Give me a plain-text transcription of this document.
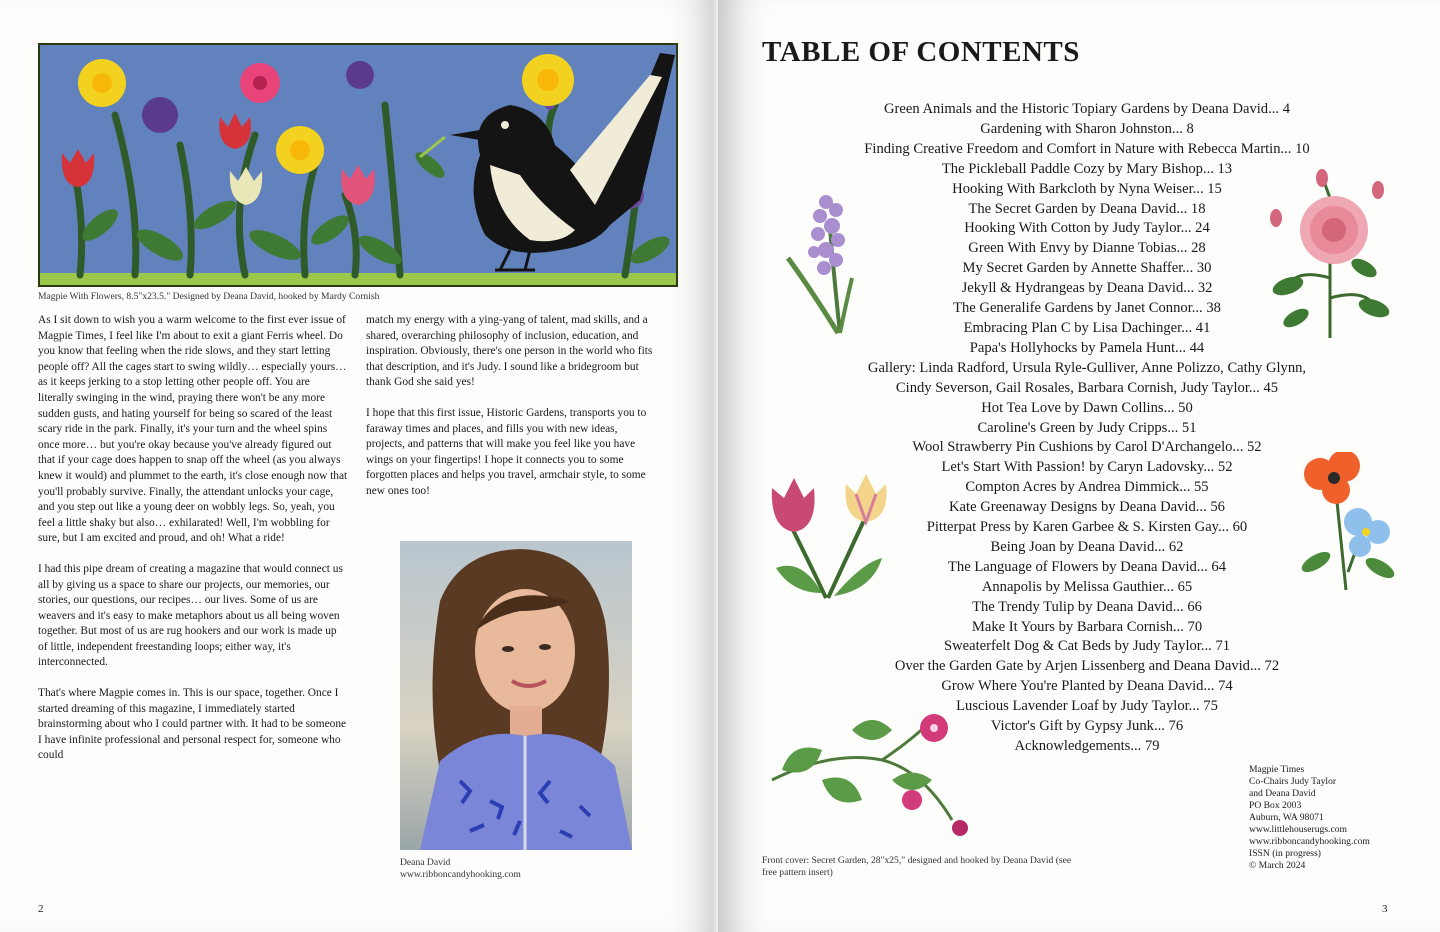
Magpie With Flowers, 8.5"x23.5." Designed by Deana David, hooked by Mardy Cornish

As I sit down to wish you a warm welcome to the first ever issue of Magpie Times, I feel like I'm about to exit a giant Ferris wheel. Do you know that feeling when the ride slows, and they start letting people off? All the cages start to swing wildly… especially yours… as it keeps jerking to a stop letting other people off. You are literally swinging in the wind, praying there won't be any more sudden gusts, and hating yourself for being so scared of the least scary ride in the park. Finally, it's your turn and the wheel spins once more… but you're okay because you've already figured out that if your cage does happen to snap off the wheel (as you always knew it would) and plummet to the earth, it's close enough now that you'll probably survive. Finally, the attendant unlocks your cage, and you step out like a young deer on wobbly legs. So, yeah, you feel a little shaky but also… exhilarated! Well, I'm wobbling for sure, but I am excited and proud, and oh! What a ride!

I had this pipe dream of creating a magazine that would connect us all by giving us a space to share our projects, our memories, our stories, our questions, our recipes… our lives. Some of us are weavers and it's easy to make metaphors about us all being woven together. But most of us are rug hookers and our work is made up of little, independent freestanding loops; either way, it's interconnected.

That's where Magpie comes in. This is our space, together. Once I started dreaming of this magazine, I immediately started brainstorming about who I could partner with. It had to be someone I have infinite professional and personal respect for, someone who could

match my energy with a ying-yang of talent, mad skills, and a shared, overarching philosophy of inclusion, education, and inspiration. Obviously, there's one person in the world who fits that description, and it's Judy. I sound like a bridegroom but thank God she said yes!

I hope that this first issue, Historic Gardens, transports you to faraway times and places, and fills you with new ideas, projects, and patterns that will make you feel like you have wings on your fingertips! I hope it connects you to some forgotten places and helps you travel, armchair style, to some new ones too!

Deana David
www.ribboncandyhooking.com
2
TABLE OF CONTENTS
Green Animals and the Historic Topiary Gardens by Deana David... 4
Gardening with Sharon Johnston... 8
Finding Creative Freedom and Comfort in Nature with Rebecca Martin... 10
The Pickleball Paddle Cozy by Mary Bishop... 13
Hooking With Barkcloth by Nyna Weiser... 15
The Secret Garden by Deana David... 18
Hooking With Cotton by Judy Taylor... 24
Green With Envy by Dianne Tobias... 28
My Secret Garden by Annette Shaffer... 30
Jekyll & Hydrangeas by Deana David... 32
The Generalife Gardens by Janet Connor... 38
Embracing Plan C by Lisa Dachinger... 41
Papa's Hollyhocks by Pamela Hunt... 44
Gallery: Linda Radford, Ursula Ryle-Gulliver, Anne Polizzo, Cathy Glynn,
Cindy Severson, Gail Rosales, Barbara Cornish, Judy Taylor... 45
Hot Tea Love by Dawn Collins... 50
Caroline's Green by Judy Cripps... 51
Wool Strawberry Pin Cushions by Carol D'Archangelo... 52
Let's Start With Passion! by Caryn Ladovsky... 52
Compton Acres by Andrea Dimmick... 55
Kate Greenaway Designs by Deana David... 56
Pitterpat Press by Karen Garbee & S. Kirsten Gay... 60
Being Joan by Deana David... 62
The Language of Flowers by Deana David... 64
Annapolis by Melissa Gauthier... 65
The Trendy Tulip by Deana David... 66
Make It Yours by Barbara Cornish... 70
Sweaterfelt Dog & Cat Beds by Judy Taylor... 71
Over the Garden Gate by Arjen Lissenberg and Deana David... 72
Grow Where You're Planted by Deana David... 74
Luscious Lavender Loaf by Judy Taylor... 75
Victor's Gift by Gypsy Junk... 76
Acknowledgements... 79
Front cover: Secret Garden, 28"x25," designed and hooked by Deana David (see free pattern insert)
Magpie Times
Co-Chairs Judy Taylor
and Deana David
PO Box 2003
Auburn, WA 98071
www.littlehouserugs.com
www.ribboncandyhooking.com
ISSN (in progress)
© March 2024
3
